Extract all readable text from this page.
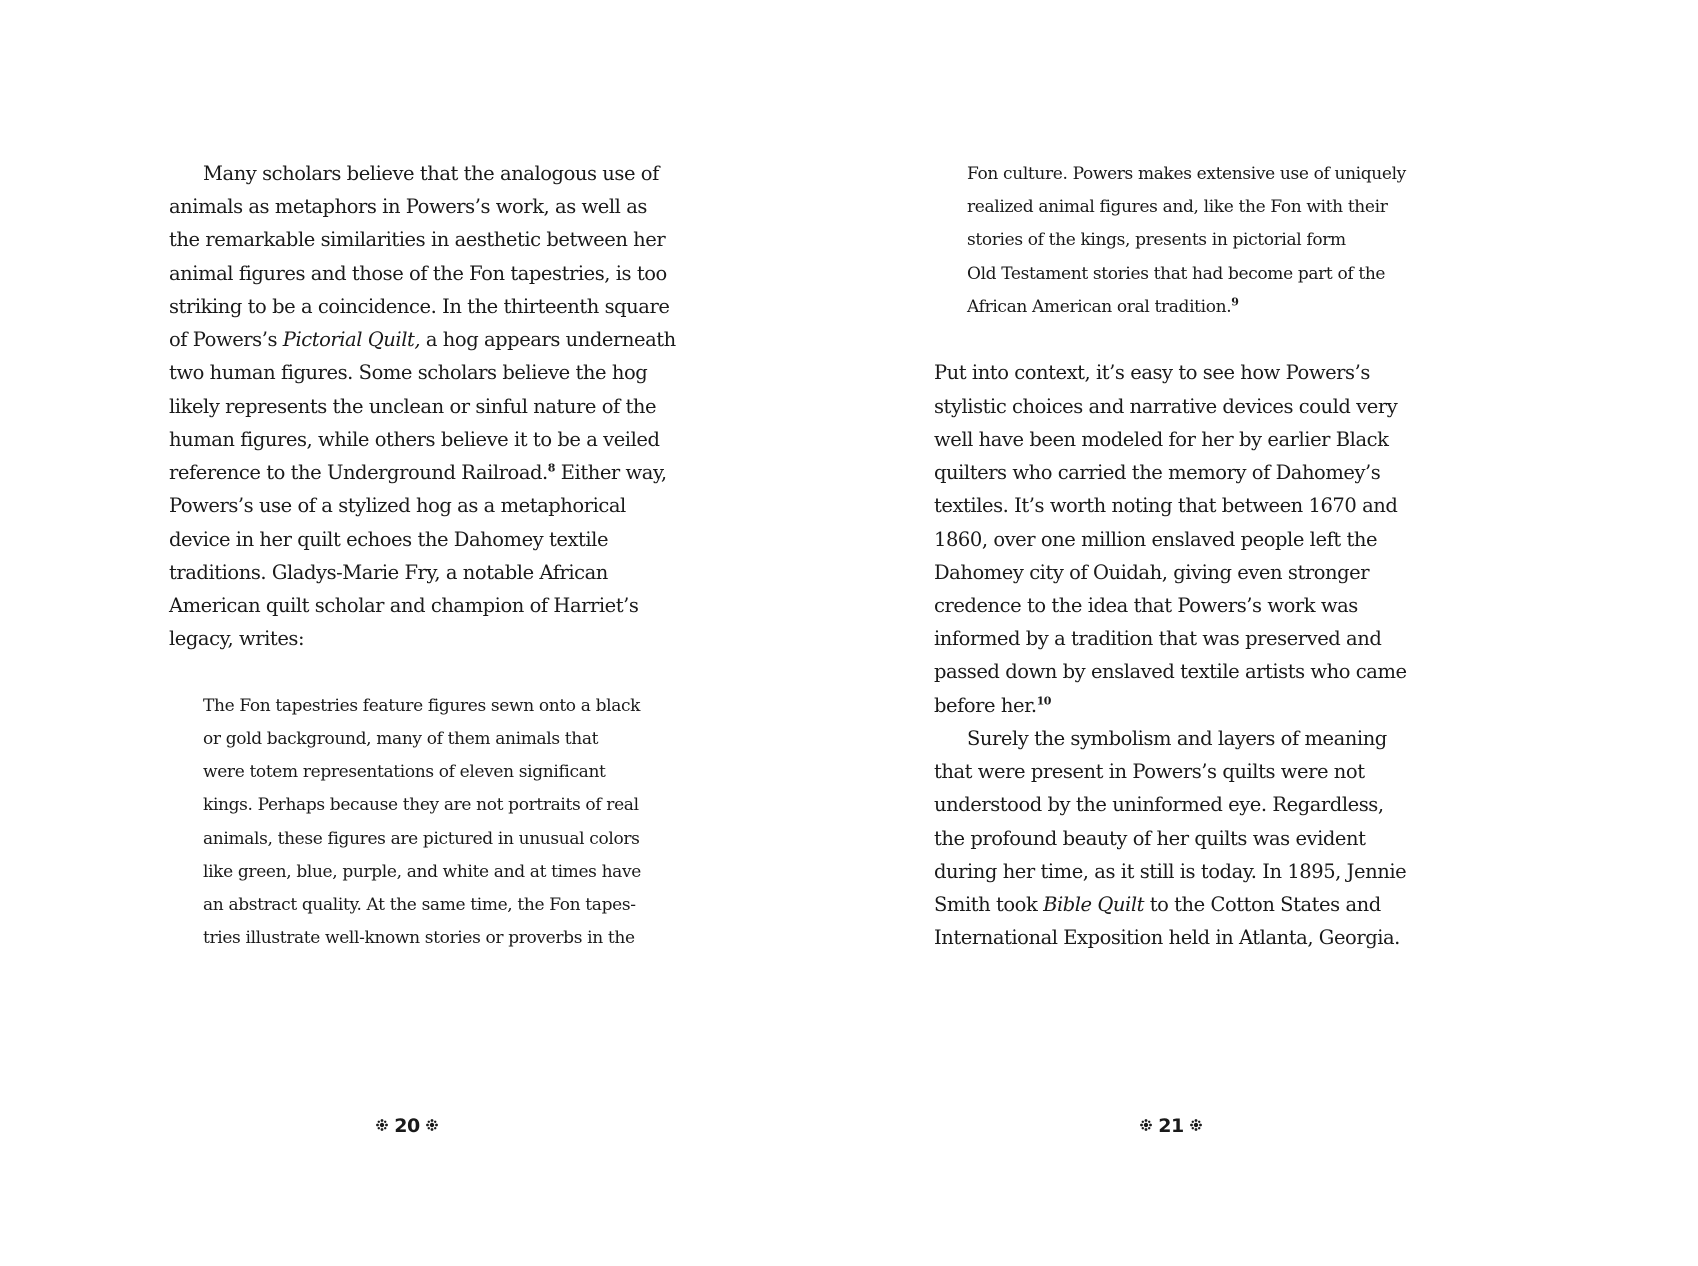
Many scholars believe that the analogous use of
animals as metaphors in Powers’s work, as well as
the remarkable similarities in aesthetic between her
animal figures and those of the Fon tapestries, is too
striking to be a coincidence. In the thirteenth square
of Powers’s Pictorial Quilt, a hog appears underneath
two human figures. Some scholars believe the hog
likely represents the unclean or sinful nature of the
human figures, while others believe it to be a veiled
reference to the Underground Railroad.$^8$ Either way,
Powers’s use of a stylized hog as a metaphorical
device in her quilt echoes the Dahomey textile
traditions. Gladys-Marie Fry, a notable African
American quilt scholar and champion of Harriet’s
legacy, writes:
The Fon tapestries feature figures sewn onto a black
or gold background, many of them animals that
were totem representations of eleven significant
kings. Perhaps because they are not portraits of real
animals, these figures are pictured in unusual colors
like green, blue, purple, and white and at times have
an abstract quality. At the same time, the Fon tapes-
tries illustrate well-known stories or proverbs in the
20
Fon culture. Powers makes extensive use of uniquely
realized animal figures and, like the Fon with their
stories of the kings, presents in pictorial form
Old Testament stories that had become part of the
African American oral tradition.$^9$
Put into context, it’s easy to see how Powers’s
stylistic choices and narrative devices could very
well have been modeled for her by earlier Black
quilters who carried the memory of Dahomey’s
textiles. It’s worth noting that between 1670 and
1860, over one million enslaved people left the
Dahomey city of Ouidah, giving even stronger
credence to the idea that Powers’s work was
informed by a tradition that was preserved and
passed down by enslaved textile artists who came
before her.$^{10}$
Surely the symbolism and layers of meaning
that were present in Powers’s quilts were not
understood by the uninformed eye. Regardless,
the profound beauty of her quilts was evident
during her time, as it still is today. In 1895, Jennie
Smith took Bible Quilt to the Cotton States and
International Exposition held in Atlanta, Georgia.
21
